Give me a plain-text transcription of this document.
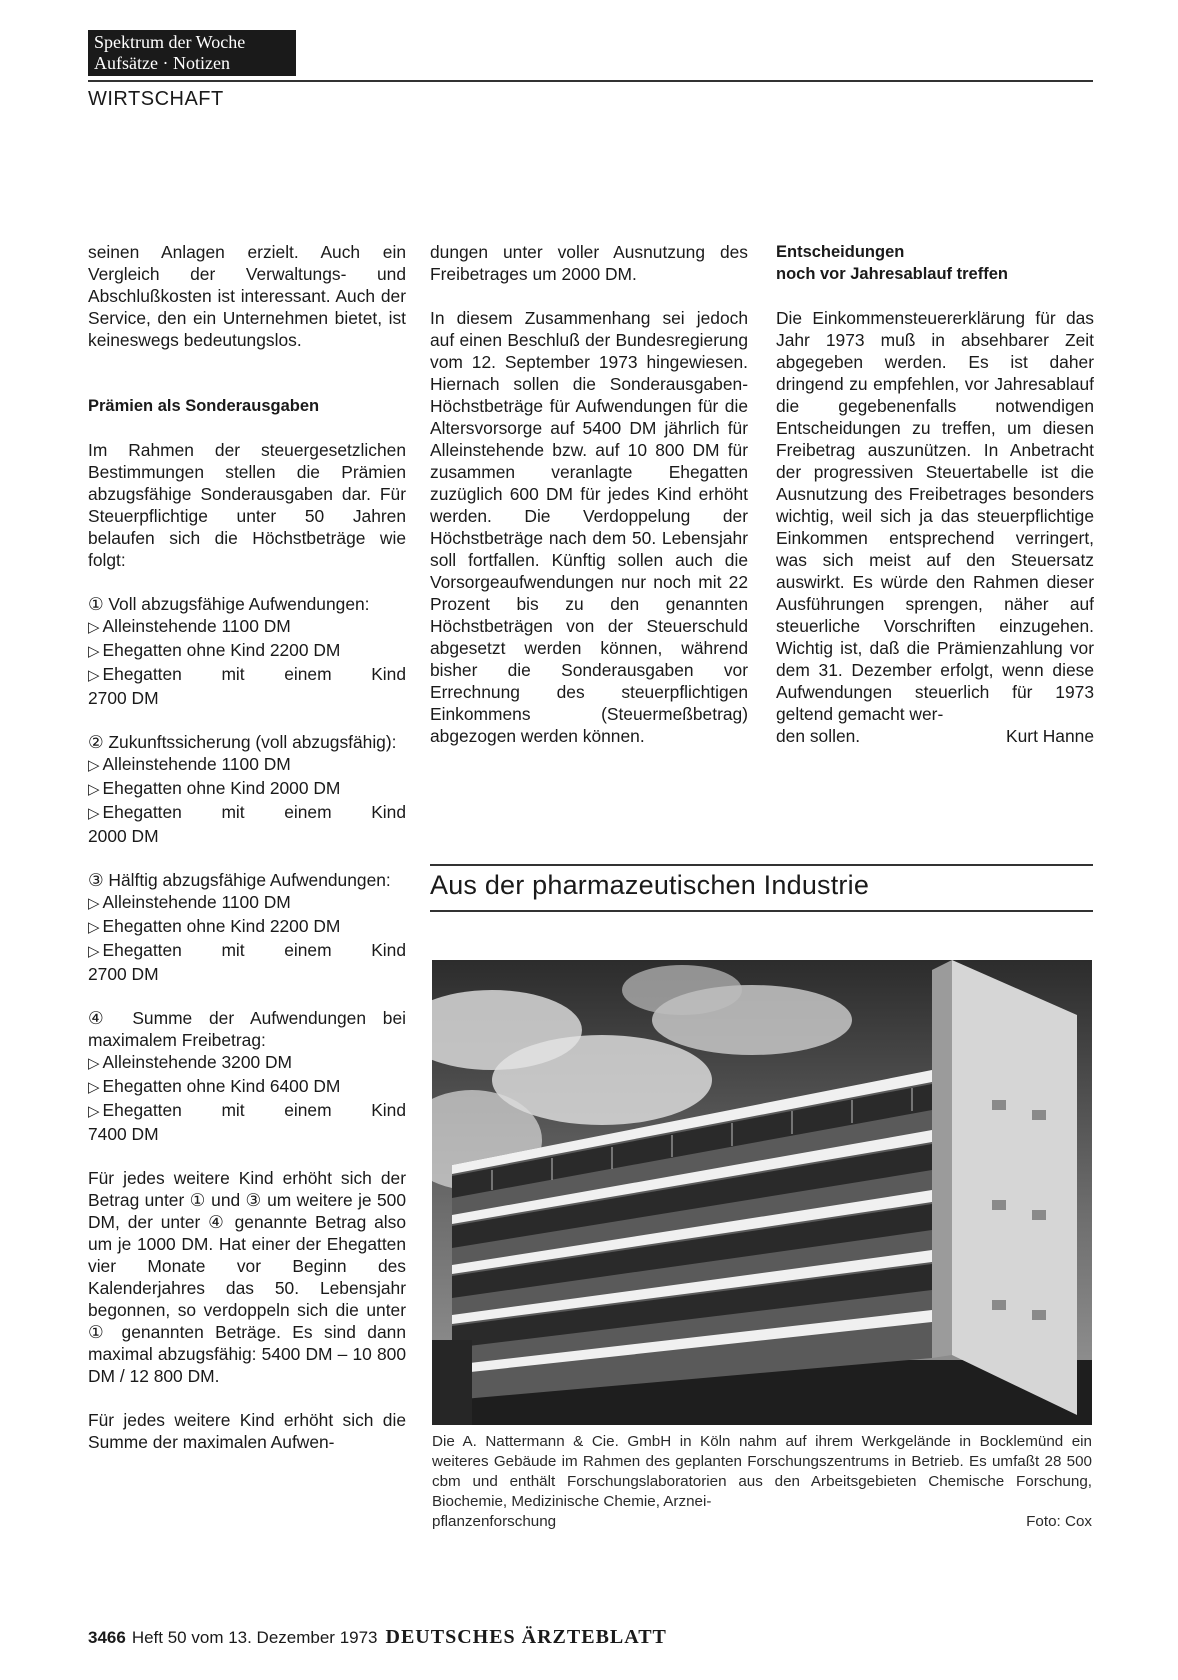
Spektrum der Woche
Aufsätze · Notizen
WIRTSCHAFT

seinen Anlagen erzielt. Auch ein Vergleich der Verwaltungs- und Abschlußkosten ist interessant. Auch der Service, den ein Unternehmen bietet, ist keineswegs bedeutungslos.

Prämien als Sonderausgaben

Im Rahmen der steuergesetzlichen Bestimmungen stellen die Prämien abzugsfähige Sonderausgaben dar. Für Steuerpflichtige unter 50 Jahren belaufen sich die Höchstbeträge wie folgt:

① Voll abzugsfähige Aufwendungen:
▷ Alleinstehende 1100 DM
▷ Ehegatten ohne Kind 2200 DM
▷ Ehegatten mit einem Kind
2700 DM
② Zukunftssicherung (voll abzugsfähig):
▷ Alleinstehende 1100 DM
▷ Ehegatten ohne Kind 2000 DM
▷ Ehegatten mit einem Kind
2000 DM
③ Hälftig abzugsfähige Aufwendungen:
▷ Alleinstehende 1100 DM
▷ Ehegatten ohne Kind 2200 DM
▷ Ehegatten mit einem Kind
2700 DM
④ Summe der Aufwendungen bei maximalem Freibetrag:
▷ Alleinstehende 3200 DM
▷ Ehegatten ohne Kind 6400 DM
▷ Ehegatten mit einem Kind
7400 DM

Für jedes weitere Kind erhöht sich der Betrag unter ① und ③ um weitere je 500 DM, der unter ④ genannte Betrag also um je 1000 DM. Hat einer der Ehegatten vier Monate vor Beginn des Kalenderjahres das 50. Lebensjahr begonnen, so verdoppeln sich die unter ① genannten Beträge. Es sind dann maximal abzugsfähig: 5400 DM – 10 800 DM / 12 800 DM.

Für jedes weitere Kind erhöht sich die Summe der maximalen Aufwen-

dungen unter voller Ausnutzung des Freibetrages um 2000 DM.

In diesem Zusammenhang sei jedoch auf einen Beschluß der Bundesregierung vom 12. September 1973 hingewiesen. Hiernach sollen die Sonderausgaben-Höchstbeträge für Aufwendungen für die Altersvorsorge auf 5400 DM jährlich für Alleinstehende bzw. auf 10 800 DM für zusammen veranlagte Ehegatten zuzüglich 600 DM für jedes Kind erhöht werden. Die Verdoppelung der Höchstbeträge nach dem 50. Lebensjahr soll fortfallen. Künftig sollen auch die Vorsorgeaufwendungen nur noch mit 22 Prozent bis zu den genannten Höchstbeträgen von der Steuerschuld abgesetzt werden können, während bisher die Sonderausgaben vor Errechnung des steuerpflichtigen Einkommens (Steuermeßbetrag) abgezogen werden können.

Entscheidungen
noch vor Jahresablauf treffen

Die Einkommensteuererklärung für das Jahr 1973 muß in absehbarer Zeit abgegeben werden. Es ist daher dringend zu empfehlen, vor Jahresablauf die gegebenenfalls notwendigen Entscheidungen zu treffen, um diesen Freibetrag auszunützen. In Anbetracht der progressiven Steuertabelle ist die Ausnutzung des Freibetrages besonders wichtig, weil sich ja das steuerpflichtige Einkommen entsprechend verringert, was sich meist auf den Steuersatz auswirkt. Es würde den Rahmen dieser Ausführungen sprengen, näher auf steuerliche Vorschriften einzugehen. Wichtig ist, daß die Prämienzahlung vor dem 31. Dezember erfolgt, wenn diese Aufwendungen steuerlich für 1973 geltend gemacht wer-

den sollen.	Kurt Hanne
Aus der pharmazeutischen Industrie
Die A. Nattermann & Cie. GmbH in Köln nahm auf ihrem Werkgelände in Bocklemünd ein weiteres Gebäude im Rahmen des geplanten Forschungszentrums in Betrieb. Es umfaßt 28 500 cbm und enthält Forschungslaboratorien aus den Arbeitsgebieten Chemische Forschung, Biochemie, Medizinische Chemie, Arznei-
pflanzenforschung	Foto: Cox
3466 Heft 50 vom 13. Dezember 1973 DEUTSCHES ÄRZTEBLATT
